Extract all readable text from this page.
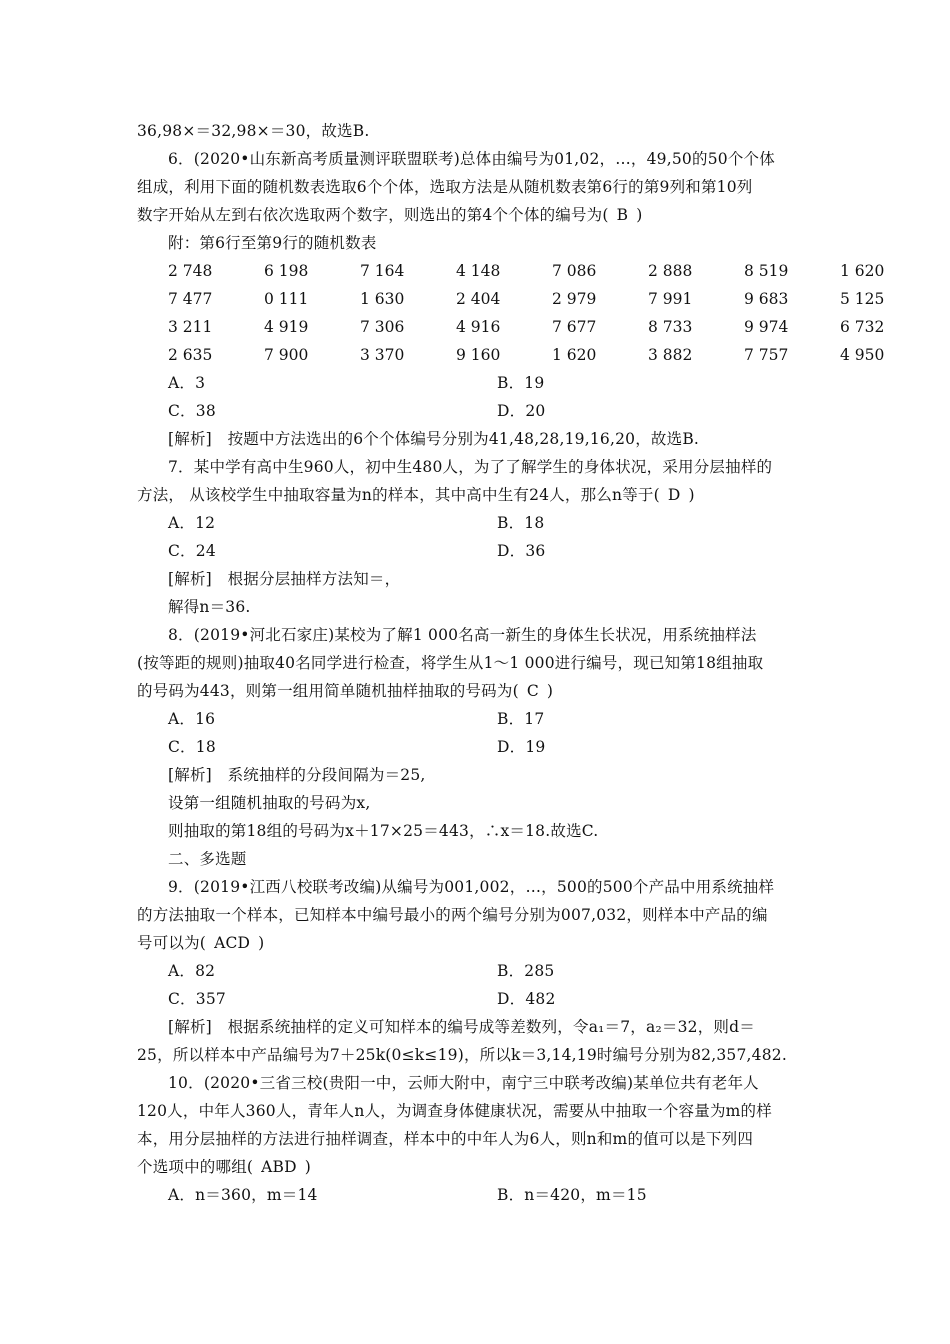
36,98×＝32,98×＝30，故选B.
6．(2020•山东新高考质量测评联盟联考)总体由编号为01,02，…，49,50的50个个体
组成，利用下面的随机数表选取6个个体，选取方法是从随机数表第6行的第9列和第10列
数字开始从左到右依次选取两个数字，则选出的第4个个体的编号为( B )
附：第6行至第9行的随机数表
2 748	6 198	7 164	4 148	7 086	2 888	8 519	1 620
7 477	0 111	1 630	2 404	2 979	7 991	9 683	5 125
3 211	4 919	7 306	4 916	7 677	8 733	9 974	6 732
2 635	7 900	3 370	9 160	1 620	3 882	7 757	4 950
A．3	B．19
C．38	D．20
[解析]　按题中方法选出的6个个体编号分别为41,48,28,19,16,20，故选B.
7．某中学有高中生960人，初中生480人，为了了解学生的身体状况，采用分层抽样的
方法， 从该校学生中抽取容量为n的样本，其中高中生有24人，那么n等于( D )
A．12	B．18
C．24	D．36
[解析]　根据分层抽样方法知＝，
解得n＝36.
8．(2019•河北石家庄)某校为了解1 000名高一新生的身体生长状况，用系统抽样法
(按等距的规则)抽取40名同学进行检查，将学生从1～1 000进行编号，现已知第18组抽取
的号码为443，则第一组用简单随机抽样抽取的号码为( C )
A．16	B．17
C．18	D．19
[解析]　系统抽样的分段间隔为＝25,
设第一组随机抽取的号码为x,
则抽取的第18组的号码为x＋17×25＝443，∴x＝18.故选C.
二、多选题
9．(2019•江西八校联考改编)从编号为001,002，…，500的500个产品中用系统抽样
的方法抽取一个样本，已知样本中编号最小的两个编号分别为007,032，则样本中产品的编
号可以为( ACD )
A．82	B．285
C．357	D．482
[解析]　根据系统抽样的定义可知样本的编号成等差数列，令a₁＝7，a₂＝32，则d＝
25，所以样本中产品编号为7＋25k(0≤k≤19)，所以k＝3,14,19时编号分别为82,357,482.
10．(2020•三省三校(贵阳一中，云师大附中，南宁三中联考改编)某单位共有老年人
120人，中年人360人，青年人n人，为调查身体健康状况，需要从中抽取一个容量为m的样
本，用分层抽样的方法进行抽样调查，样本中的中年人为6人，则n和m的值可以是下列四
个选项中的哪组( ABD )
A．n＝360，m＝14	B．n＝420，m＝15
